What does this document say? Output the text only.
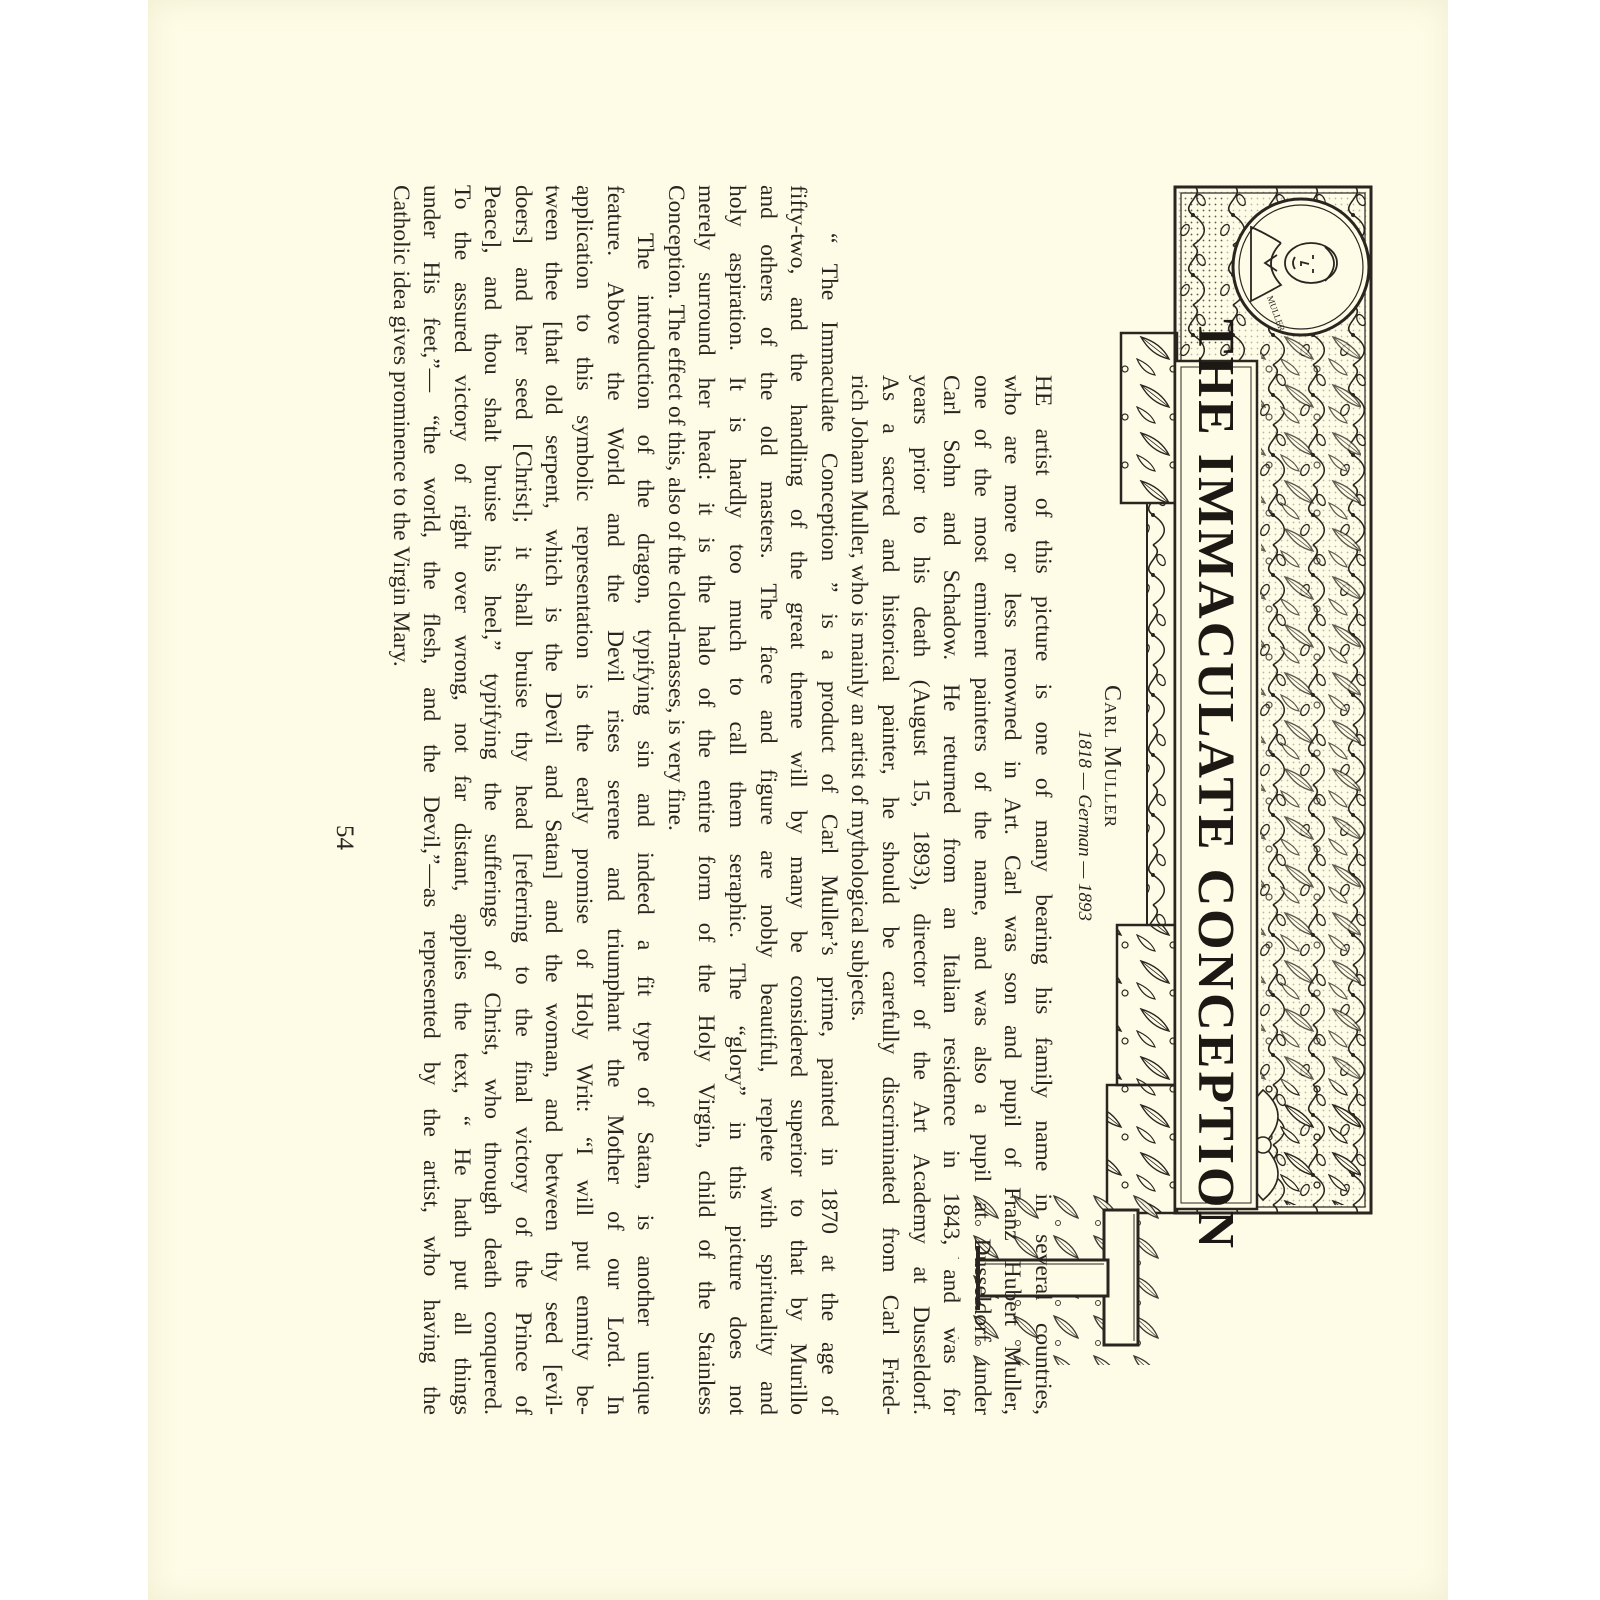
THE IMMACULATE CONCEPTION
MULLER
Carl Muller
1818 — German — 1893
HE artist of this picture is one of many bearing his family name in several countries,
who are more or less renowned in Art. Carl was son and pupil of Franz Hubert Muller,
one of the most eminent painters of the name, and was also a pupil at Dusseldorf under
Carl Sohn and Schadow. He returned from an Italian residence in 1843, and was for
years prior to his death (August 15, 1893), director of the Art Academy at Dusseldorf.
As a sacred and historical painter, he should be carefully discriminated from Carl Fried-
rich Johann Muller, who is mainly an artist of mythological subjects.
“ The Immaculate Conception ” is a product of Carl Muller’s prime, painted in 1870 at the age of
fifty-two, and the handling of the great theme will by many be considered superior to that by Murillo
and others of the old masters. The face and figure are nobly beautiful, replete with spirituality and
holy aspiration. It is hardly too much to call them seraphic. The “glory” in this picture does not
merely surround her head: it is the halo of the entire form of the Holy Virgin, child of the Stainless
Conception. The effect of this, also of the cloud-masses, is very fine.
The introduction of the dragon, typifying sin and indeed a fit type of Satan, is another unique
feature. Above the World and the Devil rises serene and triumphant the Mother of our Lord. In
application to this symbolic representation is the early promise of Holy Writ: “I will put enmity be-
tween thee [that old serpent, which is the Devil and Satan] and the woman, and between thy seed [evil-
doers] and her seed [Christ]; it shall bruise thy head [referring to the final victory of the Prince of
Peace], and thou shalt bruise his heel,” typifying the sufferings of Christ, who through death conquered.
To the assured victory of right over wrong, not far distant, applies the text, “ He hath put all things
under His feet,”— “the world, the flesh, and the Devil,”—as represented by the artist, who having the
Catholic idea gives prominence to the Virgin Mary.
54
